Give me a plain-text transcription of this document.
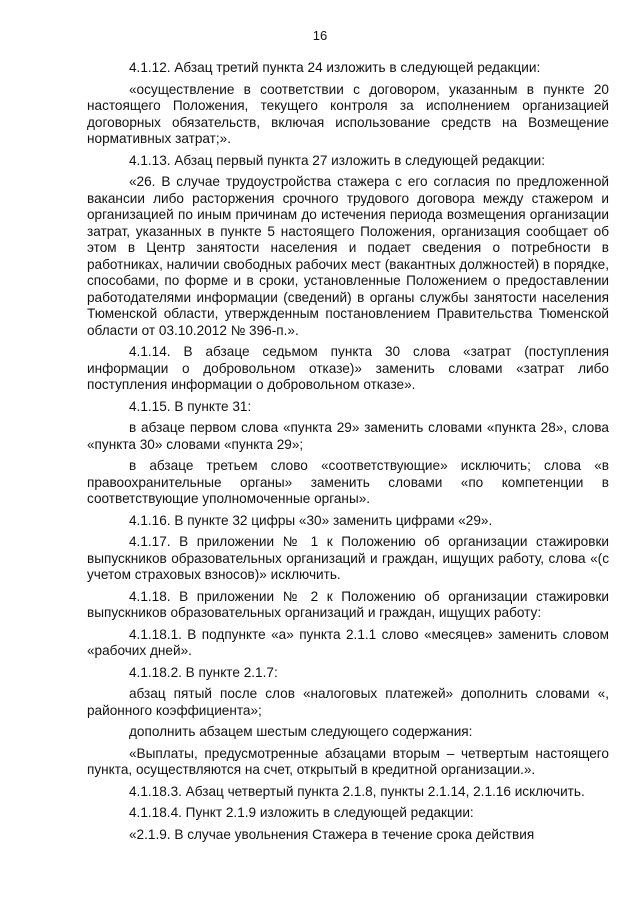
16

4.1.12. Абзац третий пункта 24 изложить в следующей редакции:

«осуществление в соответствии с договором, указанным в пункте 20 настоящего Положения, текущего контроля за исполнением организацией договорных обязательств, включая использование средств на Возмещение нормативных затрат;».

4.1.13. Абзац первый пункта 27 изложить в следующей редакции:

«26. В случае трудоустройства стажера с его согласия по предложенной вакансии либо расторжения срочного трудового договора между стажером и организацией по иным причинам до истечения периода возмещения организации затрат, указанных в пункте 5 настоящего Положения, организация сообщает об этом в Центр занятости населения и подает сведения о потребности в работниках, наличии свободных рабочих мест (вакантных должностей) в порядке, способами, по форме и в сроки, установленные Положением о предоставлении работодателями информации (сведений) в органы службы занятости населения Тюменской области, утвержденным постановлением Правительства Тюменской области от 03.10.2012 № 396-п.».

4.1.14. В абзаце седьмом пункта 30 слова «затрат (поступления информации о добровольном отказе)» заменить словами «затрат либо поступления информации о добровольном отказе».

4.1.15. В пункте 31:

в абзаце первом слова «пункта 29» заменить словами «пункта 28», слова «пункта 30» словами «пункта 29»;

в абзаце третьем слово «соответствующие» исключить; слова «в правоохранительные органы» заменить словами «по компетенции в соответствующие уполномоченные органы».

4.1.16. В пункте 32 цифры «30» заменить цифрами «29».

4.1.17. В приложении № 1 к Положению об организации стажировки выпускников образовательных организаций и граждан, ищущих работу, слова «(с учетом страховых взносов)» исключить.

4.1.18. В приложении № 2 к Положению об организации стажировки выпускников образовательных организаций и граждан, ищущих работу:

4.1.18.1. В подпункте «а» пункта 2.1.1 слово «месяцев» заменить словом «рабочих дней».

4.1.18.2. В пункте 2.1.7:

абзац пятый после слов «налоговых платежей» дополнить словами «, районного коэффициента»;

дополнить абзацем шестым следующего содержания:

«Выплаты, предусмотренные абзацами вторым – четвертым настоящего пункта, осуществляются на счет, открытый в кредитной организации.».

4.1.18.3. Абзац четвертый пункта 2.1.8, пункты 2.1.14, 2.1.16 исключить.

4.1.18.4. Пункт 2.1.9 изложить в следующей редакции:

«2.1.9. В случае увольнения Стажера в течение срока действия
